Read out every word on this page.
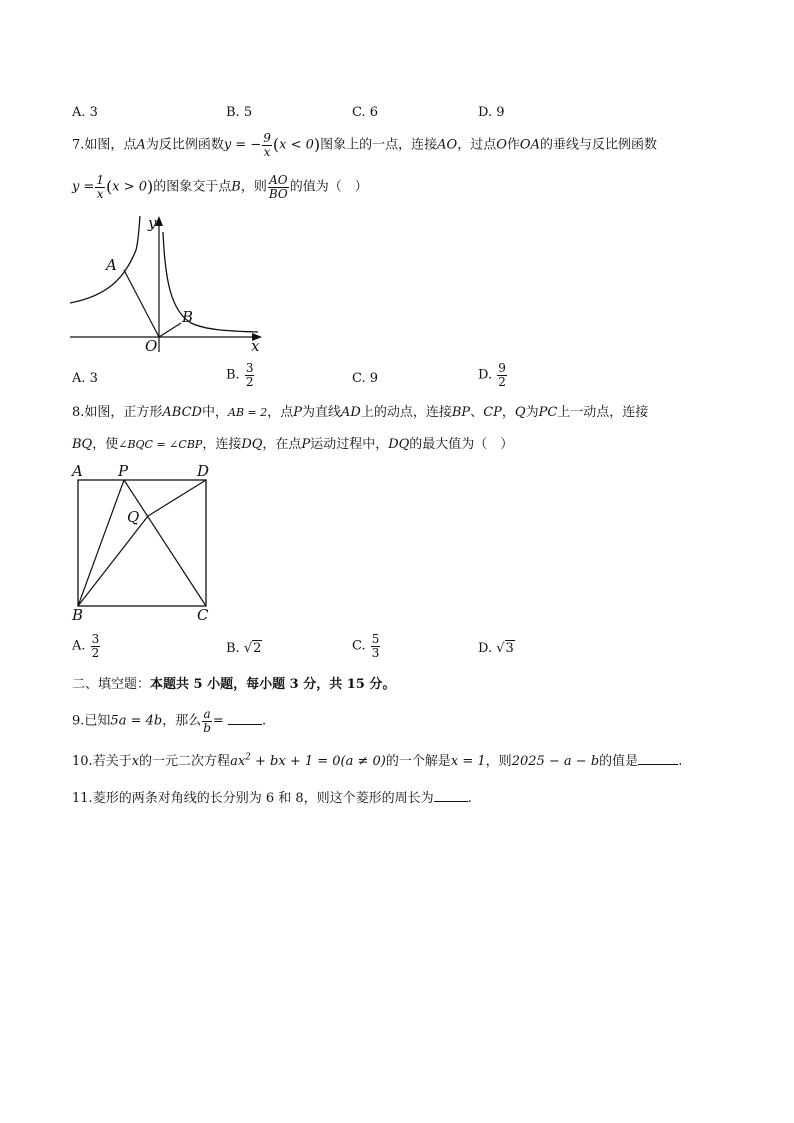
A. 3	B. 5	C. 6	D. 9
7.如图，点A为反比例函数y = − $\frac{9}{x} (x < 0)$图象上的一点，连接AO，过点O作OA的垂线与反比例函数
$y = \frac{1}{x} (x > 0)$的图象交于点B，则 $\frac{AO}{BO}$ 的值为（　）
y
A
B
O	x
A. 3	B. $\frac{3}{2}$	C. 9	D. $\frac{9}{2}$
8.如图，正方形ABCD中，AB = 2，点P为直线AD上的动点，连接BP、CP，Q为PC上一动点，连接
BQ，使∠BQC = ∠CBP，连接DQ，在点P运动过程中，DQ的最大值为（　）
A P	D
Q
B	C
A. $\frac{3}{2}$	B. √2	C. $\frac{5}{3}$	D. √3
二、填空题：本题共 5 小题，每小题 3 分，共 15 分。
9.已知5a = 4b，那么 $\frac{a}{b}$ =	.
10.若关于x的一元二次方程$ax^2$ + bx + 1 = 0(a ≠ 0)的一个解是x = 1，则2025 − a − b的值是	.
11.菱形的两条对角线的长分别为 6 和 8，则这个菱形的周长为	.
